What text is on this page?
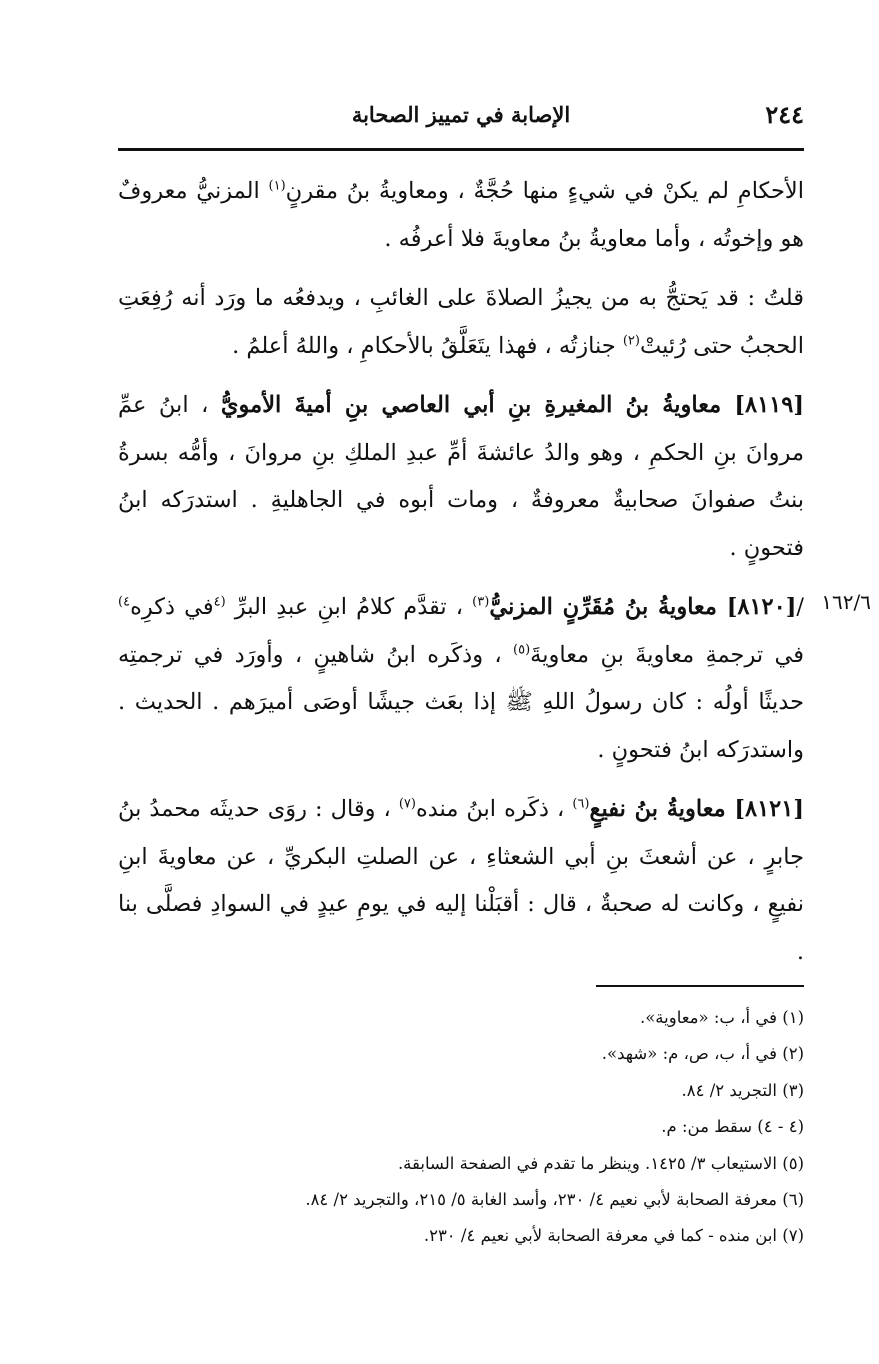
٢٤٤
الإصابة في تمييز الصحابة
١٦٢/٦

الأحكامِ لم يكنْ في شيءٍ منها حُجَّةٌ ، ومعاويةُ بنُ مقرنٍ$^{(١)}$ المزنيُّ معروفٌ هو وإخوتُه ، وأما معاويةُ بنُ معاويةَ فلا أعرفُه .

قلتُ : قد يَحتجُّ به من يجيزُ الصلاةَ على الغائبِ ، ويدفعُه ما ورَد أنه رُفِعَتِ الحجبُ حتى رُئيتْ$^{(٢)}$ جنازتُه ، فهذا يتَعَلَّقُ بالأحكامِ ، واللهُ أعلمُ .

[٨١١٩] معاويةُ بنُ المغيرةِ بنِ أبي العاصي بنِ أميةَ الأمويُّ ، ابنُ عمِّ مروانَ بنِ الحكمِ ، وهو والدُ عائشةَ أمِّ عبدِ الملكِ بنِ مروانَ ، وأمُّه بسرةُ بنتُ صفوانَ صحابيةٌ معروفةٌ ، ومات أبوه في الجاهليةِ . استدرَكه ابنُ فتحونٍ .

/[٨١٢٠] معاويةُ بنُ مُقَرِّنٍ المزنيُّ$^{(٣)}$ ، تقدَّم كلامُ ابنِ عبدِ البرِّ $^{(٤}$في ذكرِه$^{٤)}$ في ترجمةِ معاويةَ بنِ معاويةَ$^{(٥)}$ ، وذكَره ابنُ شاهينٍ ، وأورَد في ترجمتِه حديثًا أولُه : كان رسولُ اللهِ ﷺ إذا بعَث جيشًا أوصَى أميرَهم . الحديث . واستدرَكه ابنُ فتحونٍ .

[٨١٢١] معاويةُ بنُ نفيعٍ$^{(٦)}$ ، ذكَره ابنُ منده$^{(٧)}$ ، وقال : روَى حديثَه محمدُ بنُ جابرٍ ، عن أشعثَ بنِ أبي الشعثاءِ ، عن الصلتِ البكريِّ ، عن معاويةَ ابنِ نفيعٍ ، وكانت له صحبةٌ ، قال : أقبَلْنا إليه في يومِ عيدٍ في السوادِ فصلَّى بنا .

(١) في أ، ب: «معاوية».
(٢) في أ، ب، ص، م: «شهد».
(٣) التجريد ٢/ ٨٤.
(٤ - ٤) سقط من: م.
(٥) الاستيعاب ٣/ ١٤٢٥. وينظر ما تقدم في الصفحة السابقة.
(٦) معرفة الصحابة لأبي نعيم ٤/ ٢٣٠، وأسد الغابة ٥/ ٢١٥، والتجريد ٢/ ٨٤.
(٧) ابن منده - كما في معرفة الصحابة لأبي نعيم ٤/ ٢٣٠.
